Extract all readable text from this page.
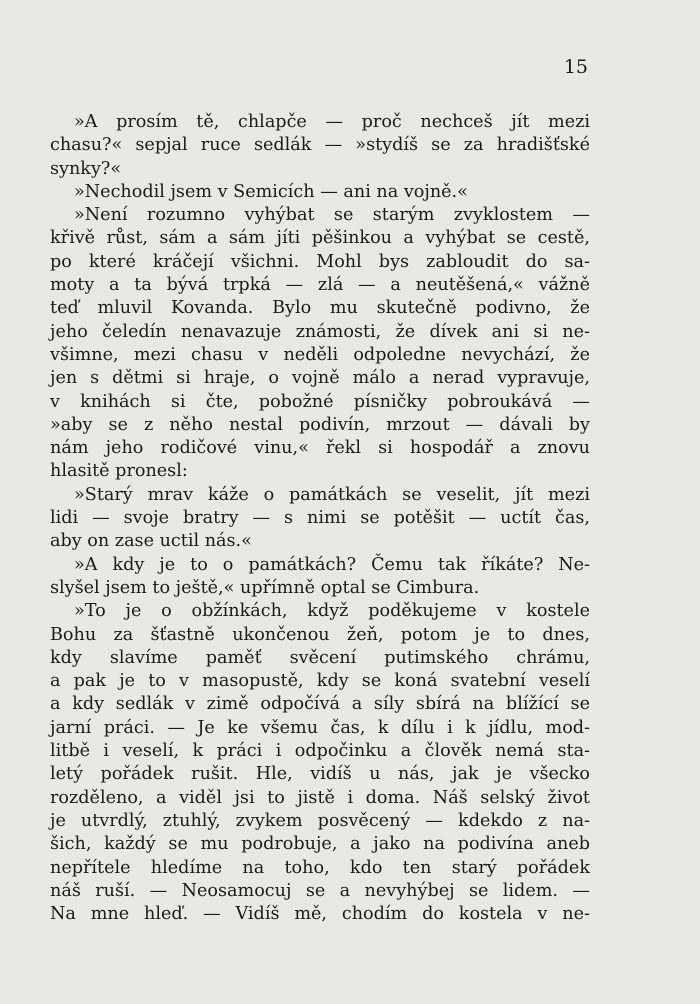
15
»A prosím tě, chlapče — proč nechceš jít mezi
chasu?« sepjal ruce sedlák — »stydíš se za hradišťské
synky?«
»Nechodil jsem v Semicích — ani na vojně.«
»Není rozumno vyhýbat se starým zvyklostem —
křivě růst, sám a sám jíti pěšinkou a vyhýbat se cestě,
po které kráčejí všichni. Mohl bys zabloudit do sa-
moty a ta bývá trpká — zlá — a neutěšená,« vážně
teď mluvil Kovanda. Bylo mu skutečně podivno, že
jeho čeledín nenavazuje známosti, že dívek ani si ne-
všimne, mezi chasu v neděli odpoledne nevychází, že
jen s dětmi si hraje, o vojně málo a nerad vypravuje,
v knihách si čte, pobožné písničky pobroukává —
»aby se z něho nestal podivín, mrzout — dávali by
nám jeho rodičové vinu,« řekl si hospodář a znovu
hlasitě pronesl:
»Starý mrav káže o památkách se veselit, jít mezi
lidi — svoje bratry — s nimi se potěšit — uctít čas,
aby on zase uctil nás.«
»A kdy je to o památkách? Čemu tak říkáte? Ne-
slyšel jsem to ještě,« upřímně optal se Cimbura.
»To je o obžínkách, když poděkujeme v kostele
Bohu za šťastně ukončenou žeň, potom je to dnes,
kdy slavíme paměť svěcení putimského chrámu,
a pak je to v masopustě, kdy se koná svatební veselí
a kdy sedlák v zimě odpočívá a síly sbírá na blížící se
jarní práci. — Je ke všemu čas, k dílu i k jídlu, mod-
litbě i veselí, k práci i odpočinku a člověk nemá sta-
letý pořádek rušit. Hle, vidíš u nás, jak je všecko
rozděleno, a viděl jsi to jistě i doma. Náš selský život
je utvrdlý, ztuhlý, zvykem posvěcený — kdekdo z na-
šich, každý se mu podrobuje, a jako na podivína aneb
nepřítele hledíme na toho, kdo ten starý pořádek
náš ruší. — Neosamocuj se a nevyhýbej se lidem. —
Na mne hleď. — Vidíš mě, chodím do kostela v ne-
